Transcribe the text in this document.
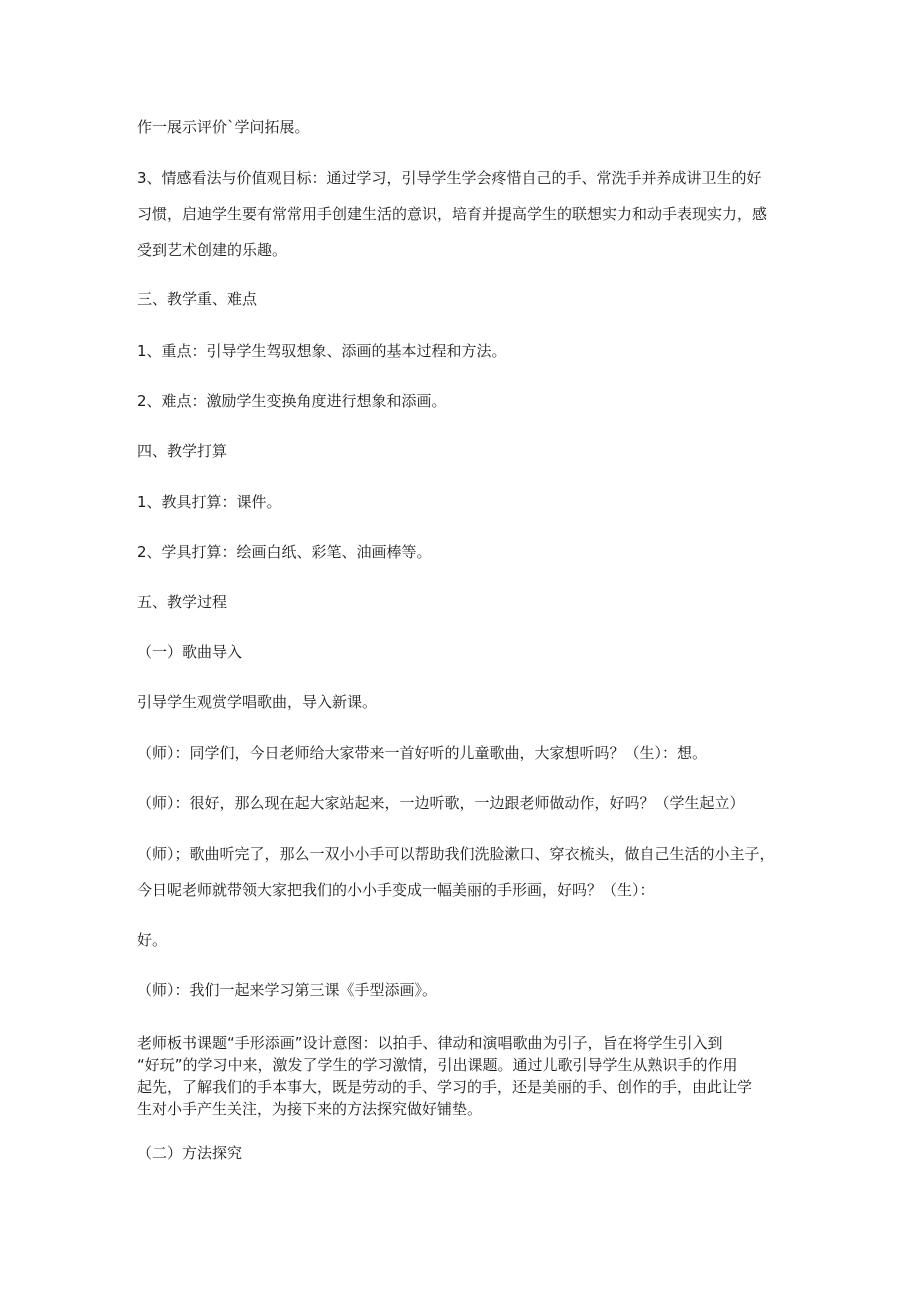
作一展示评价`学问拓展。

3、情感看法与价值观目标：通过学习，引导学生学会疼惜自己的手、常洗手并养成讲卫生的好

习惯，启迪学生要有常常用手创建生活的意识，培育并提高学生的联想实力和动手表现实力，感

受到艺术创建的乐趣。

三、教学重、难点

1、重点：引导学生驾驭想象、添画的基本过程和方法。

2、难点：激励学生变换角度进行想象和添画。

四、教学打算

1、教具打算：课件。

2、学具打算：绘画白纸、彩笔、油画棒等。

五、教学过程

（一）歌曲导入

引导学生观赏学唱歌曲，导入新课。

（师）：同学们，今日老师给大家带来一首好听的儿童歌曲，大家想听吗？（生）：想。

（师）：很好，那么现在起大家站起来，一边听歌，一边跟老师做动作，好吗？（学生起立）

（师）；歌曲听完了，那么一双小小手可以帮助我们洗脸漱口、穿衣梳头，做自己生活的小主子，

今日呢老师就带领大家把我们的小小手变成一幅美丽的手形画，好吗？（生）：

好。

（师）：我们一起来学习第三课《手型添画》。

老师板书课题“手形添画”设计意图：以拍手、律动和演唱歌曲为引子，旨在将学生引入到

“好玩”的学习中来，激发了学生的学习激情，引出课题。通过儿歌引导学生从熟识手的作用

起先，了解我们的手本事大，既是劳动的手、学习的手，还是美丽的手、创作的手，由此让学

生对小手产生关注，为接下来的方法探究做好铺垫。

（二）方法探究
